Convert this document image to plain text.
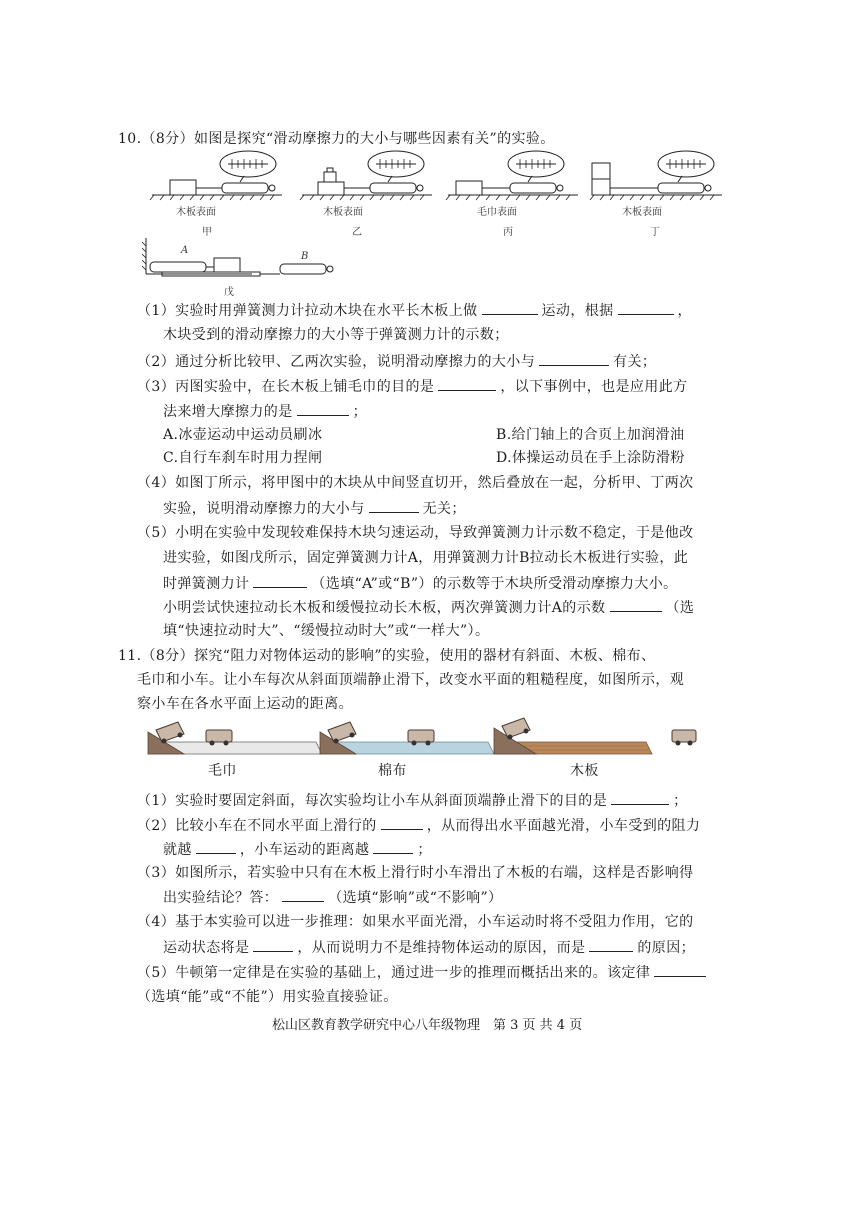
10.（8分）如图是探究“滑动摩擦力的大小与哪些因素有关”的实验。
木板表面	木板表面	毛巾表面	木板表面
甲	乙	丙	丁
A
B
戊
（1）实验时用弹簧测力计拉动木块在水平长木板上做	运动，根据	，
木块受到的滑动摩擦力的大小等于弹簧测力计的示数；
（2）通过分析比较甲、乙两次实验，说明滑动摩擦力的大小与	有关；
（3）丙图实验中，在长木板上铺毛巾的目的是	，以下事例中，也是应用此方
法来增大摩擦力的是	；
A.冰壶运动中运动员刷冰	B.给门轴上的合页上加润滑油
C.自行车刹车时用力捏闸	D.体操运动员在手上涂防滑粉
（4）如图丁所示，将甲图中的木块从中间竖直切开，然后叠放在一起，分析甲、丁两次
实验，说明滑动摩擦力的大小与	无关；
（5）小明在实验中发现较难保持木块匀速运动，导致弹簧测力计示数不稳定，于是他改
进实验，如图戊所示，固定弹簧测力计A，用弹簧测力计B拉动长木板进行实验，此
时弹簧测力计	（选填“A”或“B”）的示数等于木块所受滑动摩擦力大小。
小明尝试快速拉动长木板和缓慢拉动长木板，两次弹簧测力计A的示数	（选
填“快速拉动时大”、“缓慢拉动时大”或“一样大”）。
11.（8分）探究“阻力对物体运动的影响”的实验，使用的器材有斜面、木板、棉布、
毛巾和小车。让小车每次从斜面顶端静止滑下，改变水平面的粗糙程度，如图所示，观
察小车在各水平面上运动的距离。
毛巾	棉布	木板
（1）实验时要固定斜面，每次实验均让小车从斜面顶端静止滑下的目的是	；
（2）比较小车在不同水平面上滑行的	，从而得出水平面越光滑，小车受到的阻力
就越	，小车运动的距离越	；
（3）如图所示，若实验中只有在木板上滑行时小车滑出了木板的右端，这样是否影响得
出实验结论？答：	（选填“影响”或“不影响”）
（4）基于本实验可以进一步推理：如果水平面光滑，小车运动时将不受阻力作用，它的
运动状态将是	，从而说明力不是维持物体运动的原因，而是	的原因；
（5）牛顿第一定律是在实验的基础上，通过进一步的推理而概括出来的。该定律
（选填“能”或“不能”）用实验直接验证。
松山区教育教学研究中心八年级物理　第 3 页 共 4 页
